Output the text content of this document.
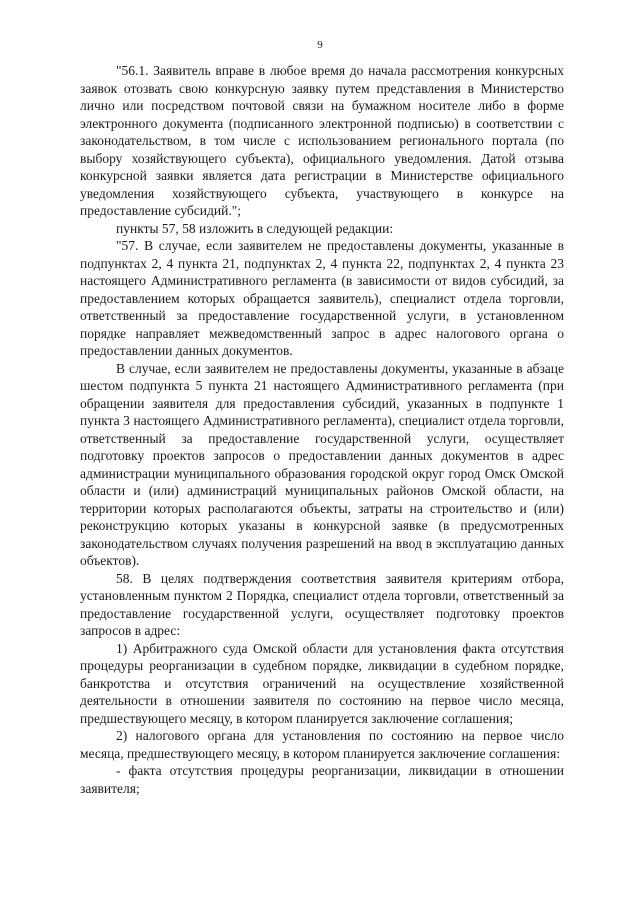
9

"56.1. Заявитель вправе в любое время до начала рассмотрения конкурсных заявок отозвать свою конкурсную заявку путем представления в Министерство лично или посредством почтовой связи на бумажном носителе либо в форме электронного документа (подписанного электронной подписью) в соответствии с законодательством, в том числе с использованием регионального портала (по выбору хозяйствующего субъекта), официального уведомления. Датой отзыва конкурсной заявки является дата регистрации в Министерстве официального уведомления хозяйствующего субъекта, участвующего в конкурсе на предоставление субсидий.";

пункты 57, 58 изложить в следующей редакции:

"57. В случае, если заявителем не предоставлены документы, указанные в подпунктах 2, 4 пункта 21, подпунктах 2, 4 пункта 22, подпунктах 2, 4 пункта 23 настоящего Административного регламента (в зависимости от видов субсидий, за предоставлением которых обращается заявитель), специалист отдела торговли, ответственный за предоставление государственной услуги, в установленном порядке направляет межведомственный запрос в адрес налогового органа о предоставлении данных документов.

В случае, если заявителем не предоставлены документы, указанные в абзаце шестом подпункта 5 пункта 21 настоящего Административного регламента (при обращении заявителя для предоставления субсидий, указанных в подпункте 1 пункта 3 настоящего Административного регламента), специалист отдела торговли, ответственный за предоставление государственной услуги, осуществляет подготовку проектов запросов о предоставлении данных документов в адрес администрации муниципального образования городской округ город Омск Омской области и (или) администраций муниципальных районов Омской области, на территории которых располагаются объекты, затраты на строительство и (или) реконструкцию которых указаны в конкурсной заявке (в предусмотренных законодательством случаях получения разрешений на ввод в эксплуатацию данных объектов).

58. В целях подтверждения соответствия заявителя критериям отбора, установленным пунктом 2 Порядка, специалист отдела торговли, ответственный за предоставление государственной услуги, осуществляет подготовку проектов запросов в адрес:

1) Арбитражного суда Омской области для установления факта отсутствия процедуры реорганизации в судебном порядке, ликвидации в судебном порядке, банкротства и отсутствия ограничений на осуществление хозяйственной деятельности в отношении заявителя по состоянию на первое число месяца, предшествующего месяцу, в котором планируется заключение соглашения;

2) налогового органа для установления по состоянию на первое число месяца, предшествующего месяцу, в котором планируется заключение соглашения:

- факта отсутствия процедуры реорганизации, ликвидации в отношении заявителя;
